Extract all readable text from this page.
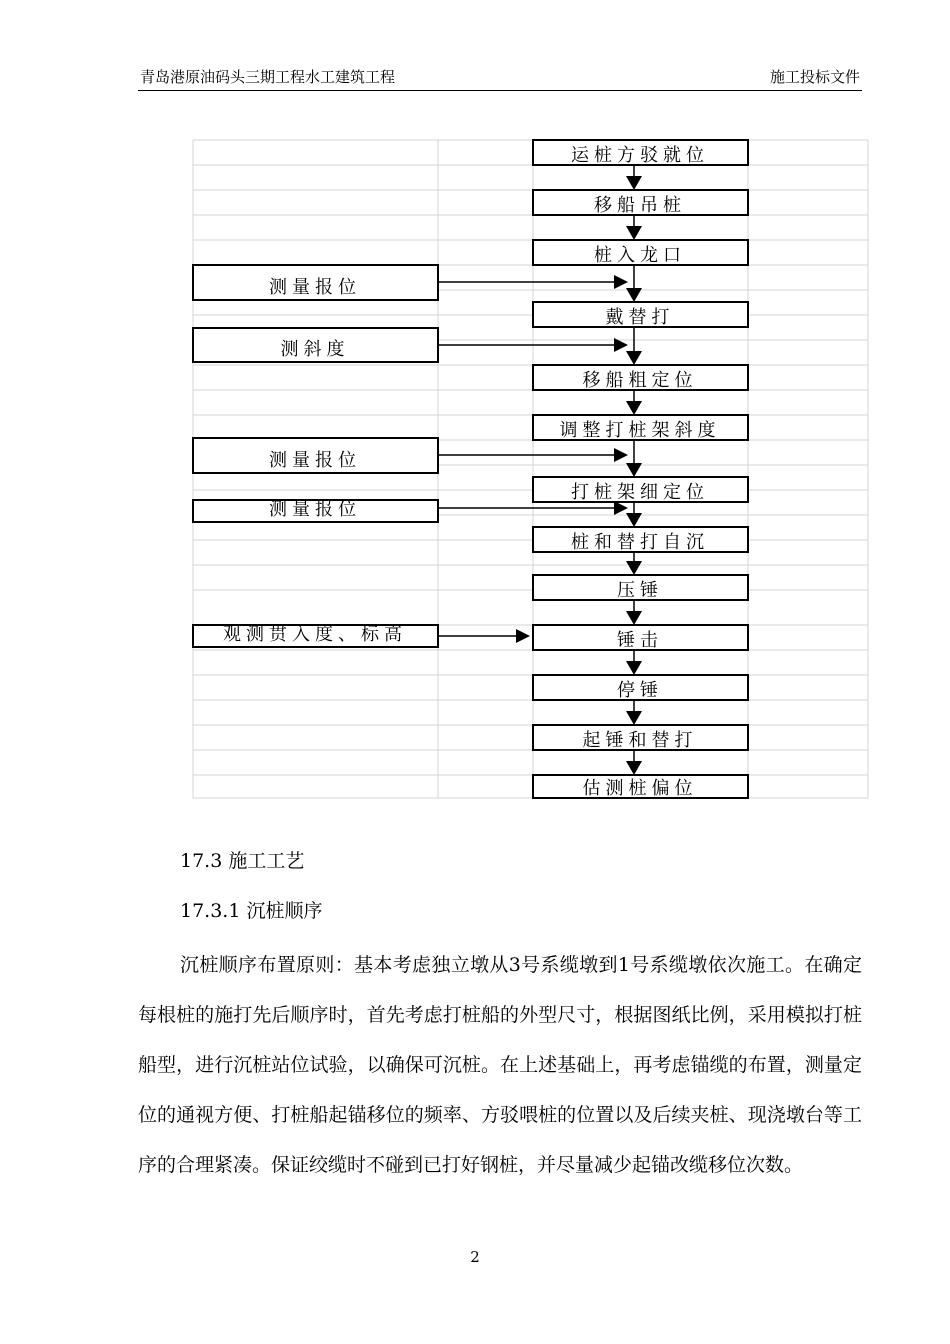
青岛港原油码头三期工程水工建筑工程	施工投标文件
运桩方驳就位
移船吊桩
桩入龙口
戴替打
移船粗定位
调整打桩架斜度
打桩架细定位
桩和替打自沉
压锤
锤击
停锤
起锤和替打
估测桩偏位
测量报位
测斜度
测量报位
测量报位
观测贯入度、标高
17.3 施工工艺
17.3.1 沉桩顺序
沉桩顺序布置原则：基本考虑独立墩从3号系缆墩到1号系缆墩依次施工。在确定每根桩的施打先后顺序时，首先考虑打桩船的外型尺寸，根据图纸比例，采用模拟打桩船型，进行沉桩站位试验，以确保可沉桩。在上述基础上，再考虑锚缆的布置，测量定位的通视方便、打桩船起锚移位的频率、方驳喂桩的位置以及后续夹桩、现浇墩台等工序的合理紧凑。保证绞缆时不碰到已打好钢桩，并尽量减少起锚改缆移位次数。
2
